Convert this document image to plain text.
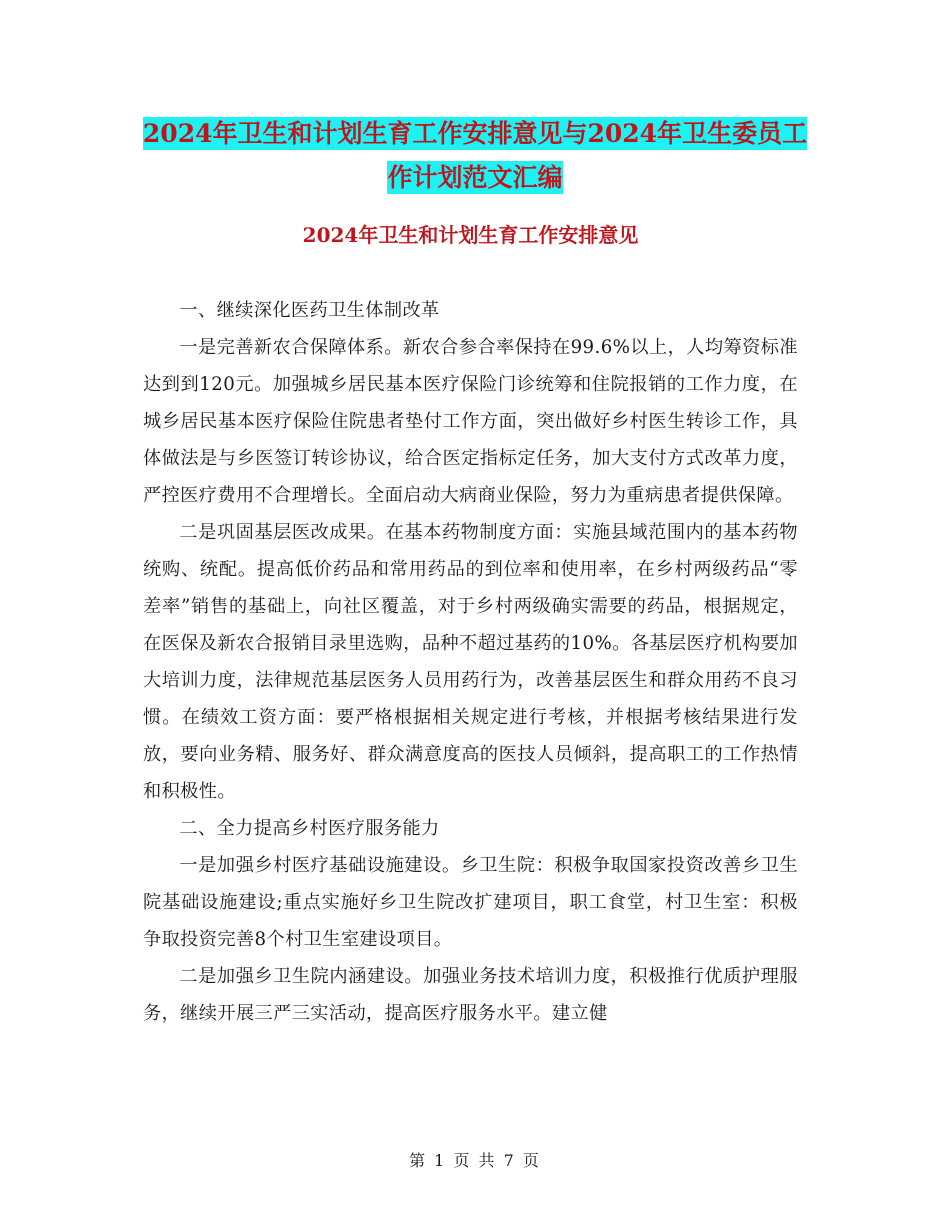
2024年卫生和计划生育工作安排意见与2024年卫生委员工作计划范文汇编
2024年卫生和计划生育工作安排意见

一、继续深化医药卫生体制改革

一是完善新农合保障体系。新农合参合率保持在99.6%以上，人均筹资标准达到到120元。加强城乡居民基本医疗保险门诊统筹和住院报销的工作力度，在城乡居民基本医疗保险住院患者垫付工作方面，突出做好乡村医生转诊工作，具体做法是与乡医签订转诊协议，给合医定指标定任务，加大支付方式改革力度，严控医疗费用不合理增长。全面启动大病商业保险，努力为重病患者提供保障。

二是巩固基层医改成果。在基本药物制度方面：实施县域范围内的基本药物统购、统配。提高低价药品和常用药品的到位率和使用率，在乡村两级药品“零差率”销售的基础上，向社区覆盖，对于乡村两级确实需要的药品，根据规定，在医保及新农合报销目录里选购，品种不超过基药的10%。各基层医疗机构要加大培训力度，法律规范基层医务人员用药行为，改善基层医生和群众用药不良习惯。在绩效工资方面：要严格根据相关规定进行考核，并根据考核结果进行发放，要向业务精、服务好、群众满意度高的医技人员倾斜，提高职工的工作热情和积极性。

二、全力提高乡村医疗服务能力

一是加强乡村医疗基础设施建设。乡卫生院：积极争取国家投资改善乡卫生院基础设施建设;重点实施好乡卫生院改扩建项目，职工食堂，村卫生室：积极争取投资完善8个村卫生室建设项目。

二是加强乡卫生院内涵建设。加强业务技术培训力度，积极推行优质护理服务，继续开展三严三实活动，提高医疗服务水平。建立健

第 1 页 共 7 页
